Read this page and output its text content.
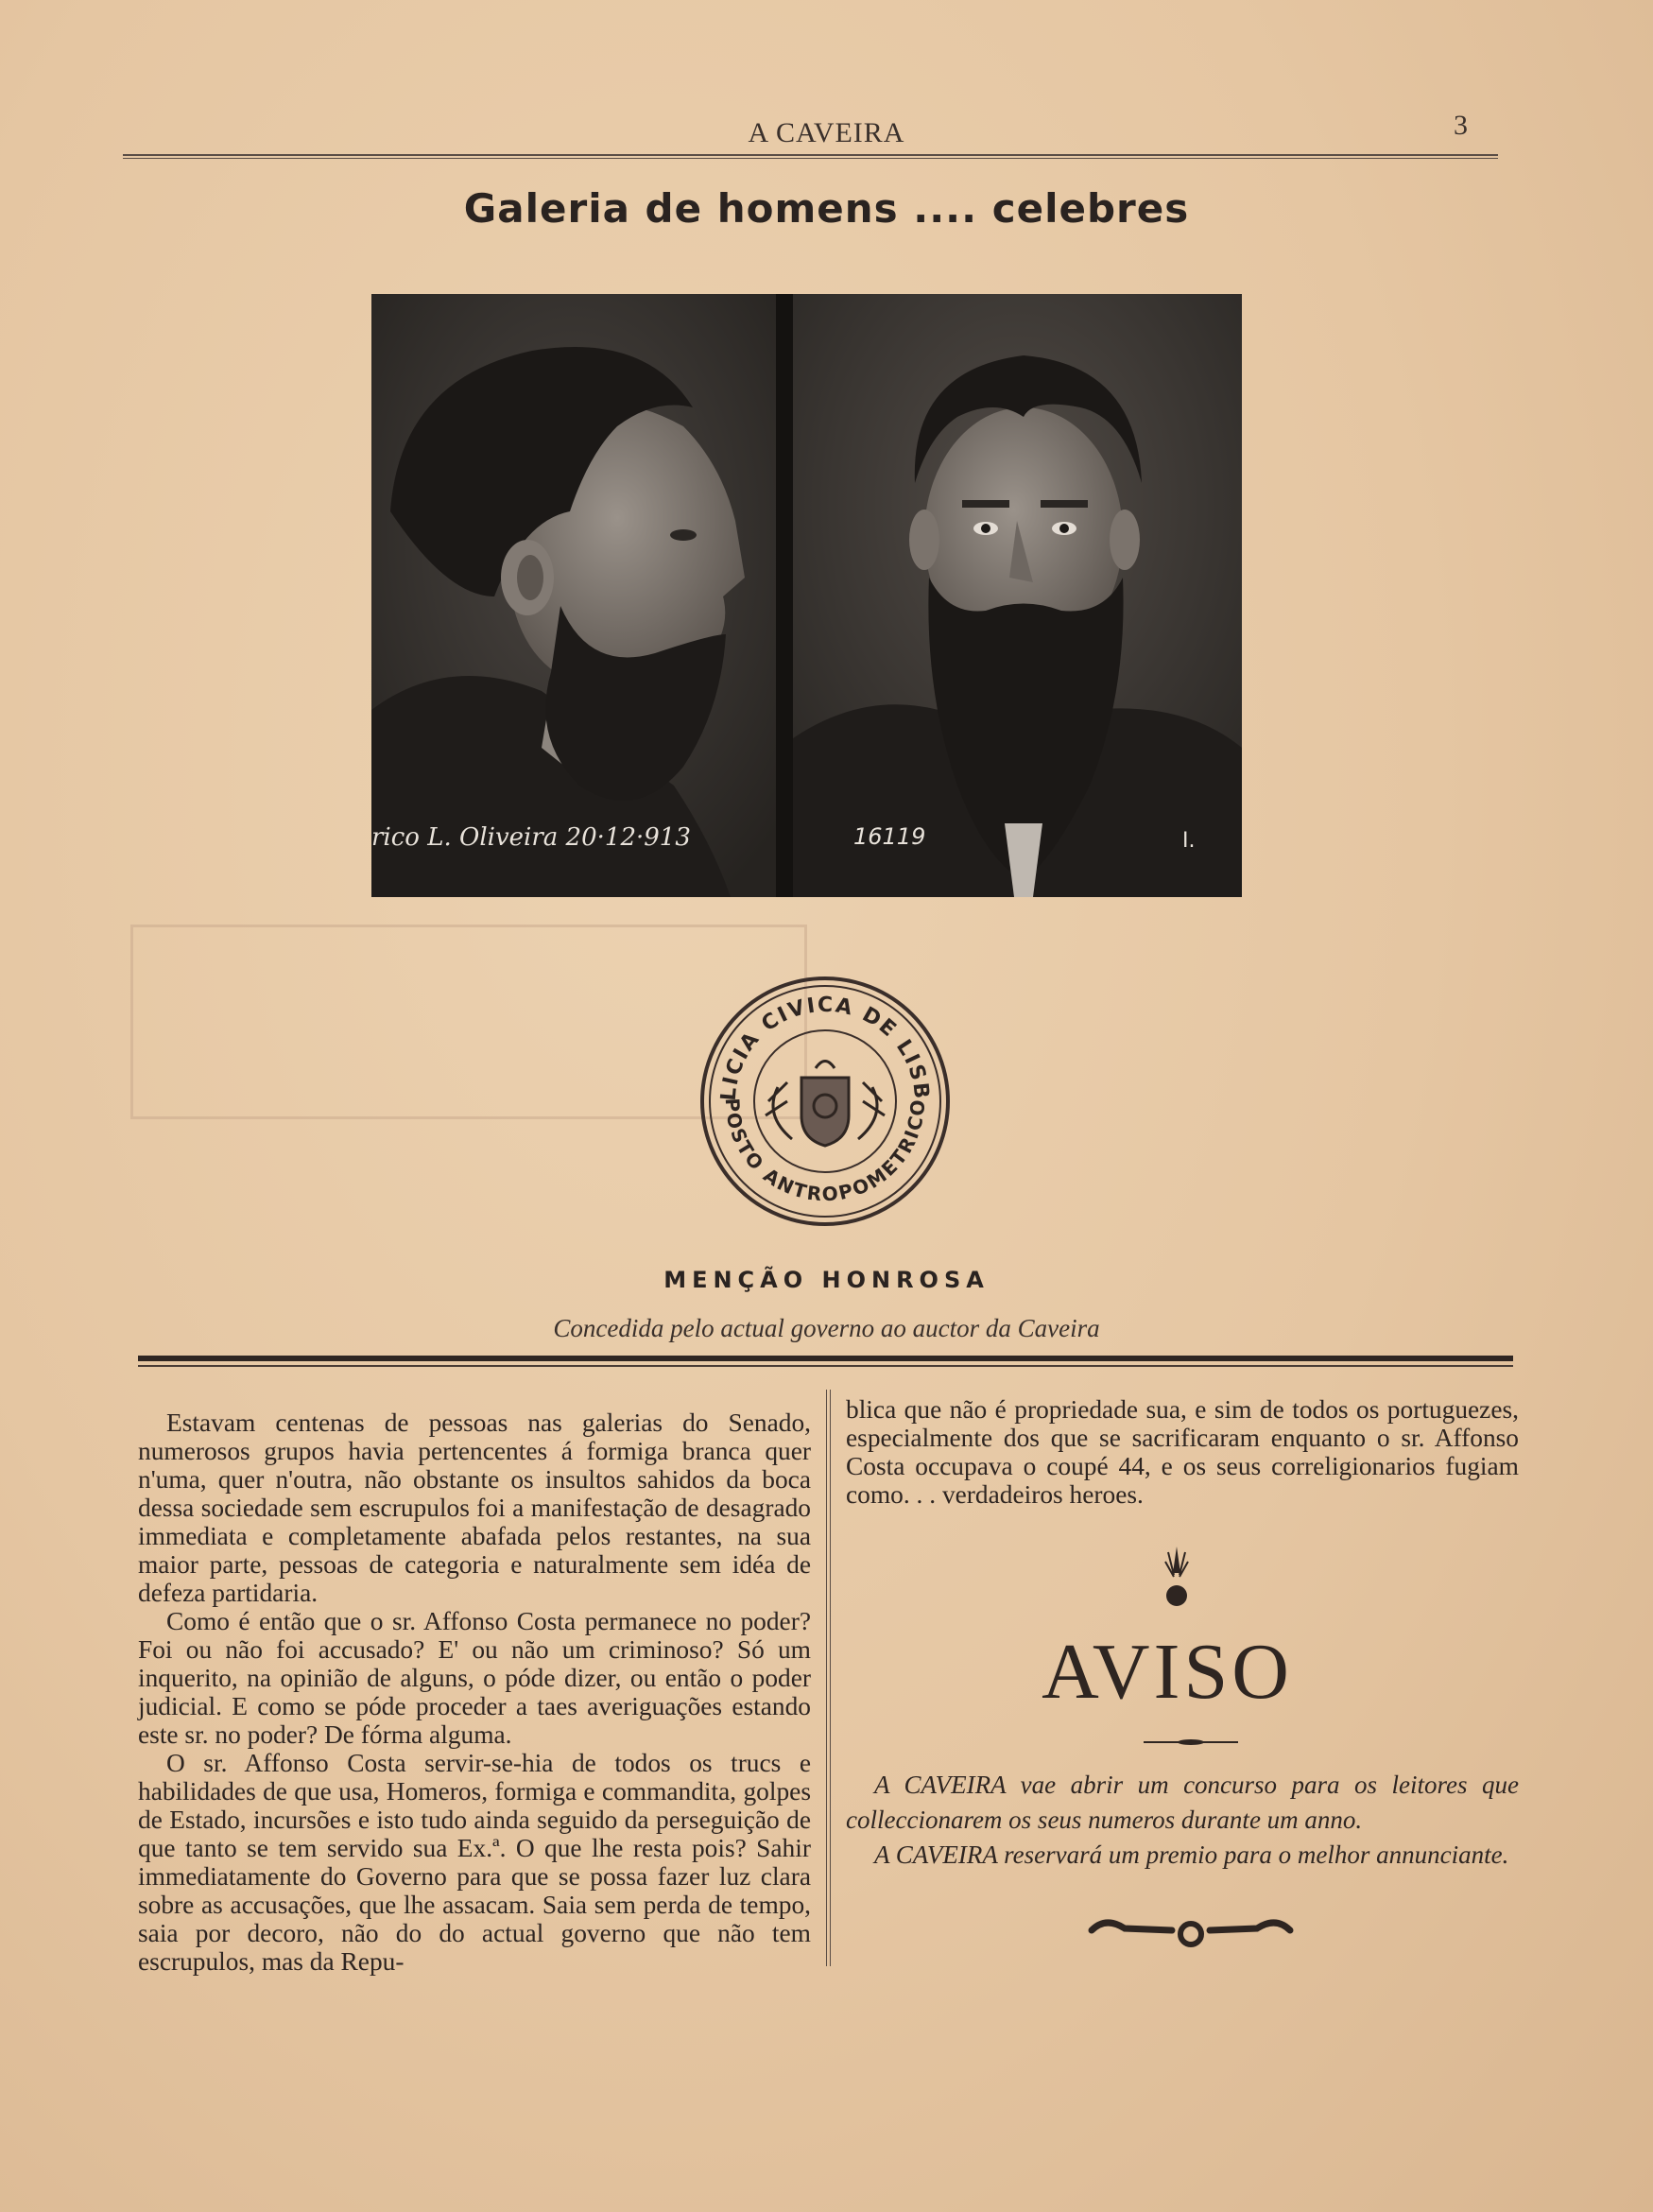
A CAVEIRA	3
Galeria de homens .... celebres
rico L. Oliveira 20·12·913	16119	I.
LICIA CIVICA DE LISB
POSTO ANTROPOMETRICO
MENÇÃO HONROSA
Concedida pelo actual governo ao auctor da Caveira

Estavam centenas de pessoas nas galerias do Senado, numerosos grupos havia pertencentes á formiga branca quer n'uma, quer n'outra, não obstante os insultos sahidos da boca dessa sociedade sem escrupulos foi a manifestação de desagrado immediata e completamente abafada pelos restantes, na sua maior parte, pessoas de categoria e naturalmente sem idéa de defeza partidaria.

Como é então que o sr. Affonso Costa permanece no poder? Foi ou não foi accusado? E' ou não um criminoso? Só um inquerito, na opinião de alguns, o póde dizer, ou então o poder judicial. E como se póde proceder a taes averiguações estando este sr. no poder? De fórma alguma.

O sr. Affonso Costa servir-se-hia de todos os trucs e habilidades de que usa, Homeros, formiga e commandita, golpes de Estado, incursões e isto tudo ainda seguido da perseguição de que tanto se tem servido sua Ex.ª. O que lhe resta pois? Sahir immediatamente do Governo para que se possa fazer luz clara sobre as accusações, que lhe assacam. Saia sem perda de tempo, saia por decoro, não do do actual governo que não tem escrupulos, mas da Repu-

blica que não é propriedade sua, e sim de todos os portuguezes, especialmente dos que se sacrificaram enquanto o sr. Affonso Costa occupava o coupé 44, e os seus correligionarios fugiam como. . . verdadeiros heroes.

AVISO

A CAVEIRA vae abrir um concurso para os leitores que colleccionarem os seus numeros durante um anno.

A CAVEIRA reservará um premio para o melhor annunciante.
